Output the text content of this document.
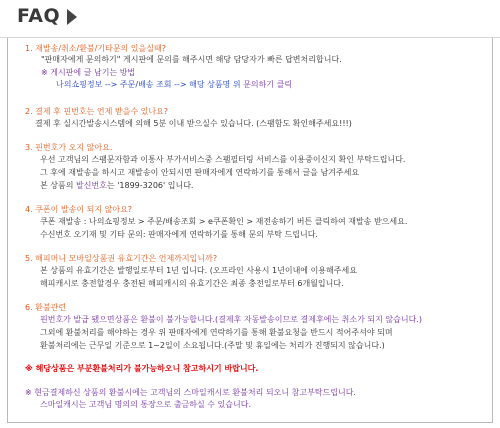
FAQ
1. 재발송/취소/환불/기타문의 있을실때?
"판매자에게 문의하기" 게시판에 문의를 해주시면 해당 담당자가 빠른 답변처리합니다.
※ 게시판에 글 남기는 방법
나의쇼핑정보 --> 주문/배송 조회 --> 해당 상품명 위 문의하기 클릭
2. 결제 후 핀번호는 언제 받을수 있나요?
결제 후 실시간발송시스템에 의해 5분 이내 받으실수 있습니다. (스팸함도 확인해주세요!!!)
3. 핀번호가 오지 않아요.
우선 고객님의 스팸문자함과 이통사 부가서비스중 스팸필터링 서비스를 이용중이신지 확인 부탁드립니다.
그 후에 재발송을 하시고 재발송이 안되시면 판매자에게 연락하기를 통해서 글을 남겨주세요
본 상품의 발신번호는 '1899-3206' 입니다.
4. 쿠폰이 발송이 되지 않아요?
쿠폰 재발송 : 나의쇼핑정보 > 주문/배송조회 > e쿠폰확인 > 재전송하기 버튼 클릭하여 재발송 받으세요.
수신번호 오기재 및 기타 문의: 판매자에게 연락하기를 통해 문의 부탁 드립니다.
5. 해피머니 모바일상품권 유효기간은 언제까지입니까?
본 상품의 유효기간은 발행일로부터 1년 입니다. (오프라인 사용시 1년이내에 이용해주세요
해피캐시로 충전할경우 충전된 해피캐시의 유효기간은 최종 충전일로부터 6개월입니다.
6. 환불관련
핀번호가 발급 됐으면상품은 환불이 불가능합니다.(결제후 자동발송이므로 결제후에는 취소가 되지 않습니다.)
그외에 환불처리를 해야하는 경우 위 판매자에게 연락하기를 통해 환불요청을 반드시 적어주셔야 되며
환불처리에는 근무일 기준으로 1~2일이 소요됩니다.(주말 및 휴일에는 처리가 진행되지 않습니다.)
※ 해당상품은 부분환불처리가 불가능하오니 참고하시기 바랍니다.
※ 현금결제하신 상품의 환불시에는 고객님의 스마일캐시로 환불처리 되오니 참고부탁드립니다.
스마일캐시는 고객님 명의의 통장으로 출금하실 수 있습니다.
